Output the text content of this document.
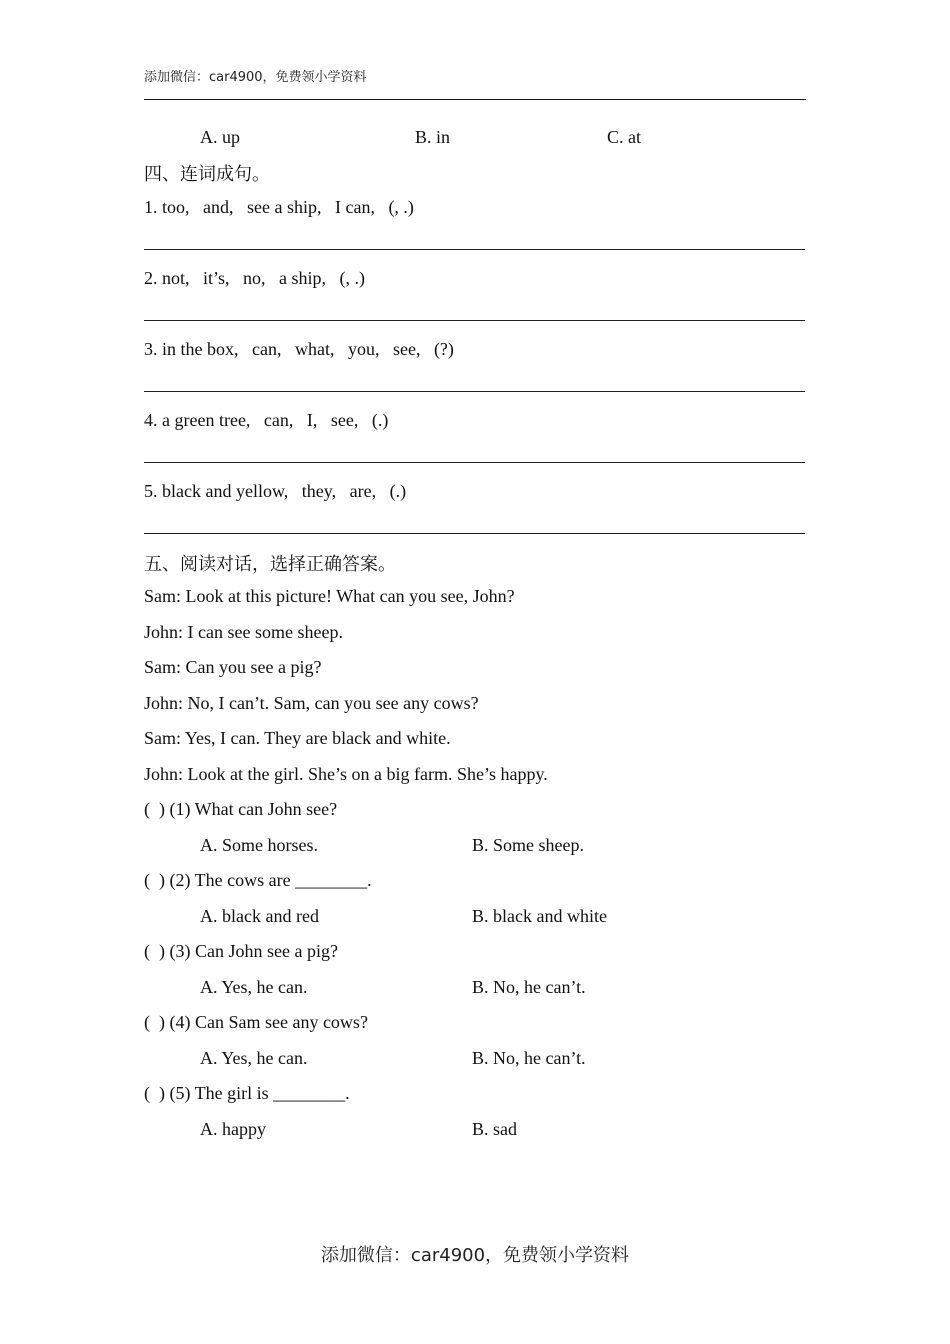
添加微信：car4900，免费领小学资料
A. up	B. in	C. at
四、连词成句。
1. too,   and,   see a ship,   I can,   (, .)
2. not,   it’s,   no,   a ship,   (, .)
3. in the box,   can,   what,   you,   see,   (?)
4. a green tree,   can,   I,   see,   (.)
5. black and yellow,   they,   are,   (.)
五、阅读对话，选择正确答案。
Sam: Look at this picture! What can you see, John?
John: I can see some sheep.
Sam: Can you see a pig?
John: No, I can’t. Sam, can you see any cows?
Sam: Yes, I can. They are black and white.
John: Look at the girl. She’s on a big farm. She’s happy.
(  ) (1) What can John see?
A. Some horses.	B. Some sheep.
(  ) (2) The cows are ________.
A. black and red	B. black and white
(  ) (3) Can John see a pig?
A. Yes, he can.	B. No, he can’t.
(  ) (4) Can Sam see any cows?
A. Yes, he can.	B. No, he can’t.
(  ) (5) The girl is ________.
A. happy	B. sad
添加微信：car4900，免费领小学资料
